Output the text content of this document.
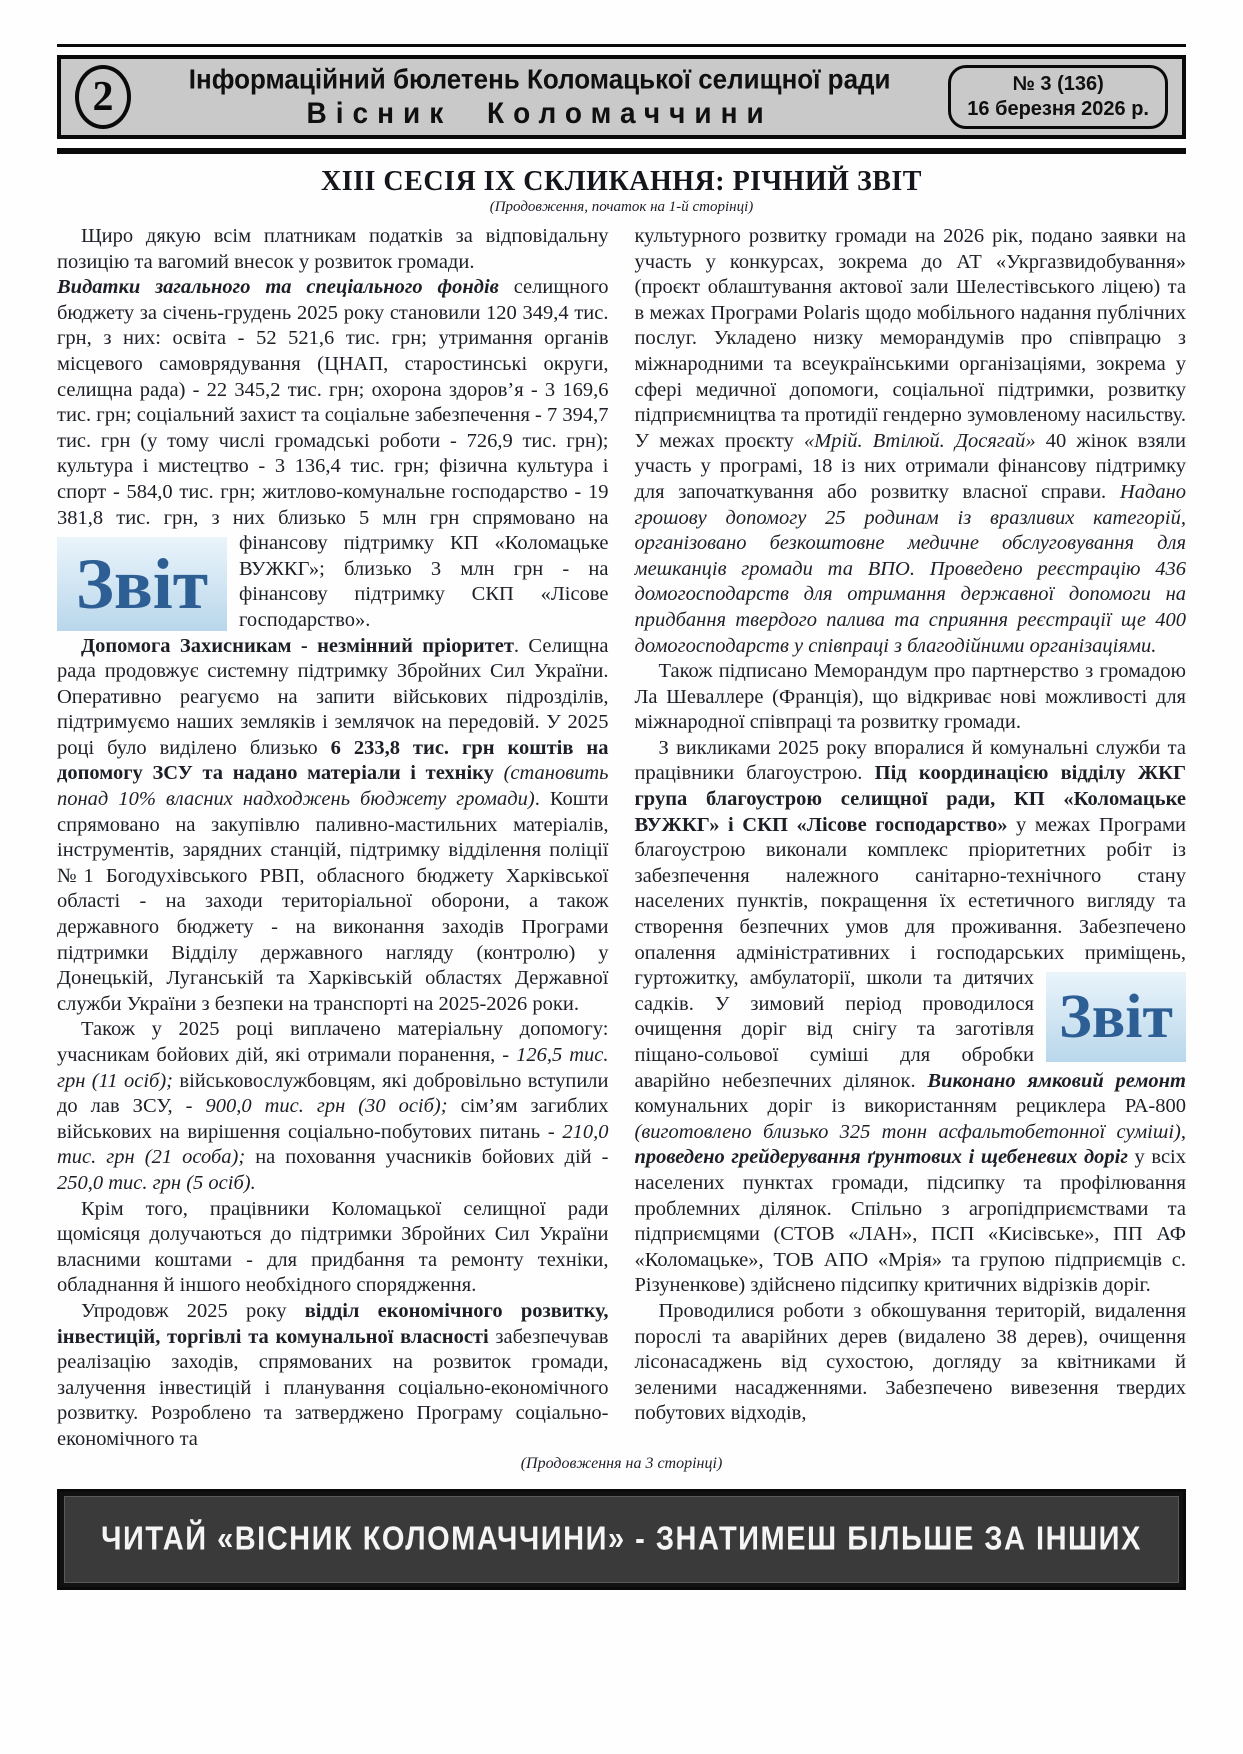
2	Інформаційний бюлетень Коломацької селищної ради
Вісник Коломаччини
№ 3 (136)
16 березня 2026 р.
XIII СЕСІЯ IX СКЛИКАННЯ: РІЧНИЙ ЗВІТ
(Продовження, початок на 1-й сторінці)

Щиро дякую всім платникам податків за відповідальну позицію та вагомий внесок у розвиток громади.

Видатки загального та спеціального фондів селищного бюджету за січень-грудень 2025 року становили 120 349,4 тис. грн, з них: освіта - 52 521,6 тис. грн; утримання органів місцевого самоврядування (ЦНАП, старостинські округи, селищна рада) - 22 345,2 тис. грн; охорона здоров’я - 3 169,6 тис. грн; соціальний захист та соціальне забезпечення - 7 394,7 тис. грн (у тому числі громадські роботи - 726,9 тис. грн); культура і мистецтво - 3 136,4 тис. грн; фізична культура і спорт - 584,0 тис. грн; житлово-комунальне господарство - 19 381,8 тис. грн, з них близько 5 млн грн спрямовано на фінансову підтримку КП «Ко
Звіт
ломацьке ВУЖКГ»; близько 3 млн грн - на фінансову підтримку СКП «Лісове господарство».

Допомога Захисникам - незмінний пріоритет. Селищна рада продовжує системну підтримку Збройних Сил України. Оперативно реагуємо на запити військових підрозділів, підтримуємо наших земляків і землячок на передовій. У 2025 році було виділено близько 6 233,8 тис. грн коштів на допомогу ЗСУ та надано матеріали і техніку (становить понад 10% власних надходжень бюджету громади). Кошти спрямовано на закупівлю паливно-мастильних матеріалів, інструментів, зарядних станцій, підтримку відділення поліції №1 Богодухівського РВП, обласного бюджету Харківської області - на заходи територіальної оборони, а також державного бюджету - на виконання заходів Програми підтримки Відділу державного нагляду (контролю) у Донецькій, Луганській та Харківській областях Державної служби України з безпеки на транспорті на 2025-2026 роки.

Також у 2025 році виплачено матеріальну допомогу: учасникам бойових дій, які отримали поранення, - 126,5 тис. грн (11 осіб); військовослужбовцям, які добровільно вступили до лав ЗСУ, - 900,0 тис. грн (30 осіб); сім’ям загиблих військових на вирішення соціально-побутових питань - 210,0 тис. грн (21 особа); на поховання учасників бойових дій - 250,0 тис. грн (5 осіб).

Крім того, працівники Коломацької селищної ради щомісяця долучаються до підтримки Збройних Сил України власними коштами - для придбання та ремонту техніки, обладнання й іншого необхідного спорядження.

Упродовж 2025 року відділ економічного розвитку, інвестицій, торгівлі та комунальної власності забезпечував реалізацію заходів, спрямованих на розвиток громади, залучення інвестицій і планування соціально-економічного розвитку. Розроблено та затверджено Програму соціально-економічного та

культурного розвитку громади на 2026 рік, подано заявки на участь у конкурсах, зокрема до АТ «Укргазвидобування» (проєкт облаштування актової зали Шелестівського ліцею) та в межах Програми Polaris щодо мобільного надання публічних послуг. Укладено низку меморандумів про співпрацю з міжнародними та всеукраїнськими організаціями, зокрема у сфері медичної допомоги, соціальної підтримки, розвитку підприємництва та протидії гендерно зумовленому насильству. У межах проєкту «Мрій. Втілюй. Досягай» 40 жінок взяли участь у програмі, 18 із них отримали фінансову підтримку для започаткування або розвитку власної справи. Надано грошову допомогу 25 родинам із вразливих категорій, організовано безкоштовне медичне обслуговування для мешканців громади та ВПО. Проведено реєстрацію 436 домогосподарств для отримання державної допомоги на придбання твердого палива та сприяння реєстрації ще 400 домогосподарств у співпраці з благодійними організаціями.

Також підписано Меморандум про партнерство з громадою Ла Шеваллере (Франція), що відкриває нові можливості для міжнародної співпраці та розвитку громади.

З викликами 2025 року впоралися й комунальні служби та працівники благоустрою. Під координацією відділу ЖКГ група благоустрою селищної ради, КП «Коломацьке ВУЖКГ» і СКП «Лісове господарство» у межах Програми благоустрою виконали комплекс пріоритетних робіт із забезпечення належного санітарно-технічного стану населених пунктів, покращення їх естетичного вигляду та створення безпечних умов для проживання. Забезпечено опалення адміністративних і господарських приміщень, гуртожитку, амбулаторії, школи
Звіт
та дитячих садків. У зимовий період проводилося очищення доріг від снігу та заготівля піщано-сольової суміші для обробки аварійно небезпечних ділянок. Виконано ямковий ремонт комунальних доріг із використанням рециклера РА-800 (виготовлено близько 325 тонн асфальтобетонної суміші), проведено грейдерування ґрунтових і щебеневих доріг у всіх населених пунктах громади, підсипку та профілювання проблемних ділянок. Спільно з агропідприємствами та підприємцями (СТОВ «ЛАН», ПСП «Кисівське», ПП АФ «Коломацьке», ТОВ АПО «Мрія» та групою підприємців с. Різуненкове) здійснено підсипку критичних відрізків доріг.

Проводилися роботи з обкошування територій, видалення порослі та аварійних дерев (видалено 38 дерев), очищення лісонасаджень від сухостою, догляду за квітниками й зеленими насадженнями. Забезпечено вивезення твердих побутових відходів,

(Продовження на 3 сторінці)
ЧИТАЙ «ВІСНИК КОЛОМАЧЧИНИ» - ЗНАТИМЕШ БІЛЬШЕ ЗА ІНШИХ
